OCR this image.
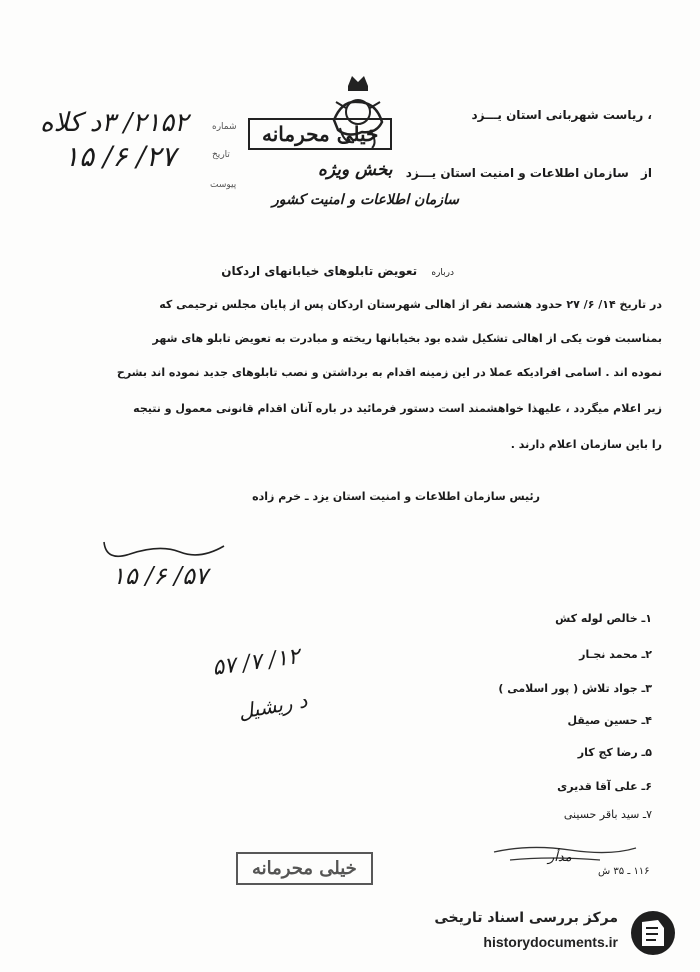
، ریاست شهربانی استان یـــزد
از سازمان اطلاعات و امنیت استان یـــزد
بخش ویژه
سازمان اطلاعات و امنیت کشور
خیلی محرمانه
شماره
تاریخ
پیوست
۲۱۵۲/ ۳د کلاه
۲۷/ ۶/ ۱۵
درباره تعویض تابلوهای خیابانهای اردکان
در تاریخ ۱۴/ ۶/ ۲۷ حدود هشصد نفر از اهالی شهرستان اردکان پس از پایان مجلس ترحیمی که
بمناسبت فوت یکی از اهالی تشکیل شده بود بخیابانها ریخته و مبادرت به تعویض تابلو های شهر
نموده اند . اسامی افرادیکه عملا در این زمینه اقدام به برداشتن و نصب تابلوهای جدید نموده اند بشرح
زیر اعلام میگردد ، علیهذا خواهشمند است دستور فرمائید در باره آنان اقدام قانونی معمول و نتیجه
را باین سازمان اعلام دارند .
رئیس سازمان اطلاعات و امنیت استان یزد ـ خرم زاده
۵۷/ ۶/ ۱۵
۱ـ خالص لوله کش
۲ـ محمد نجـار
۳ـ جواد تلاش ( پور اسلامی )
۴ـ حسین صیقل
۵ـ رضا کج کار
۶ـ علی آقا قدیری
۷ـ سید باقر حسینی
۱۲/ ۷/ ۵۷
د ریشیل
مدأر
۱۱۶ ـ ۳۵ ش
خیلی محرمانه
مرکز بررسی اسناد تاریخی
historydocuments.ir
